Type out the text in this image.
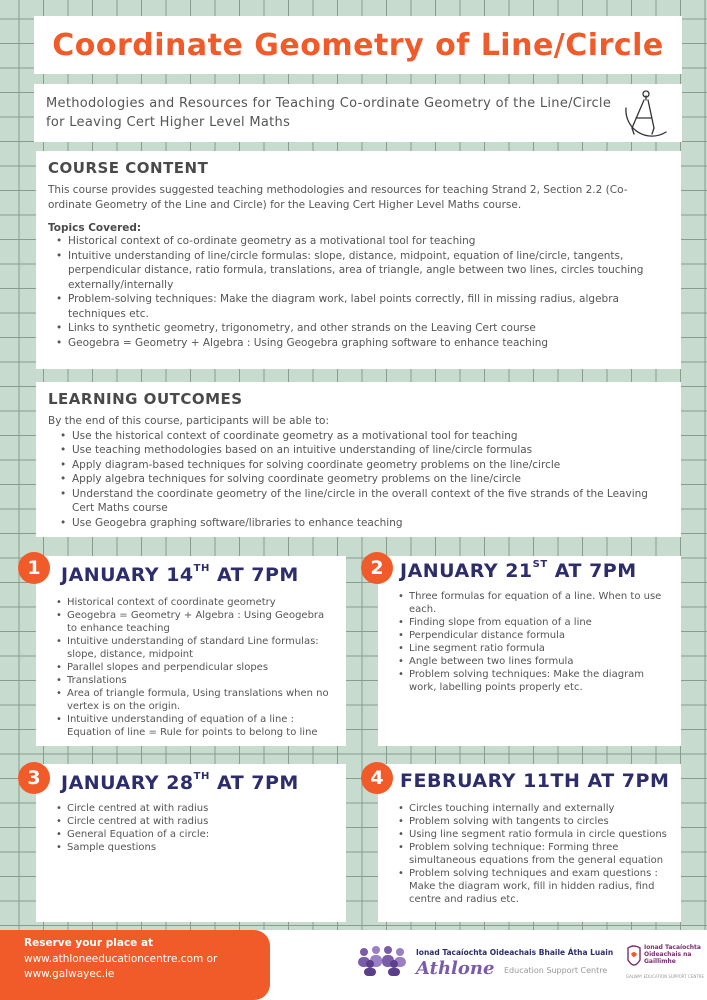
Coordinate Geometry of Line/Circle

Methodologies and Resources for Teaching Co-ordinate Geometry of the Line/Circle for Leaving Cert Higher Level Maths

COURSE CONTENT

This course provides suggested teaching methodologies and resources for teaching Strand 2, Section 2.2 (Co-ordinate Geometry of the Line and Circle) for the Leaving Cert Higher Level Maths course.

Topics Covered:

• Historical context of co-ordinate geometry as a motivational tool for teaching
• Intuitive understanding of line/circle formulas: slope, distance, midpoint, equation of line/circle, tangents, perpendicular distance, ratio formula, translations, area of triangle, angle between two lines, circles touching externally/internally
• Problem-solving techniques: Make the diagram work, label points correctly, fill in missing radius, algebra techniques etc.
• Links to synthetic geometry, trigonometry, and other strands on the Leaving Cert course
• Geogebra = Geometry + Algebra : Using Geogebra graphing software to enhance teaching
LEARNING OUTCOMES

By the end of this course, participants will be able to:

• Use the historical context of coordinate geometry as a motivational tool for teaching
• Use teaching methodologies based on an intuitive understanding of line/circle formulas
• Apply diagram-based techniques for solving coordinate geometry problems on the line/circle
• Apply algebra techniques for solving coordinate geometry problems on the line/circle
• Understand the coordinate geometry of the line/circle in the overall context of the five strands of the Leaving Cert Maths course
• Use Geogebra graphing software/libraries to enhance teaching
JANUARY 14TH AT 7PM
• Historical context of coordinate geometry
• Geogebra = Geometry + Algebra : Using Geogebra to enhance teaching
• Intuitive understanding of standard Line formulas: slope, distance, midpoint
• Parallel slopes and perpendicular slopes
• Translations
• Area of triangle formula, Using translations when no vertex is on the origin.
• Intuitive understanding of equation of a line : Equation of line = Rule for points to belong to line
1	JANUARY 21ST AT 7PM
• Three formulas for equation of a line. When to use each.
• Finding slope from equation of a line
• Perpendicular distance formula
• Line segment ratio formula
• Angle between two lines formula
• Problem solving techniques: Make the diagram work, labelling points properly etc.
2
JANUARY 28TH AT 7PM
• Circle centred at with radius
• Circle centred at with radius
• General Equation of a circle:
• Sample questions
3	FEBRUARY 11TH AT 7PM
• Circles touching internally and externally
• Problem solving with tangents to circles
• Using line segment ratio formula in circle questions
• Problem solving technique: Forming three simultaneous equations from the general equation
• Problem solving techniques and exam questions : Make the diagram work, fill in hidden radius, find centre and radius etc.
4
Reserve your place at
www.athloneeducationcentre.com or
www.galwayec.ie
Ionad Tacaíochta Oideachais Bhaile Átha Luain
Athlone Education Support Centre
Ionad Tacaíochta Oideachais na Gaillimhe
GALWAY EDUCATION SUPPORT CENTRE
